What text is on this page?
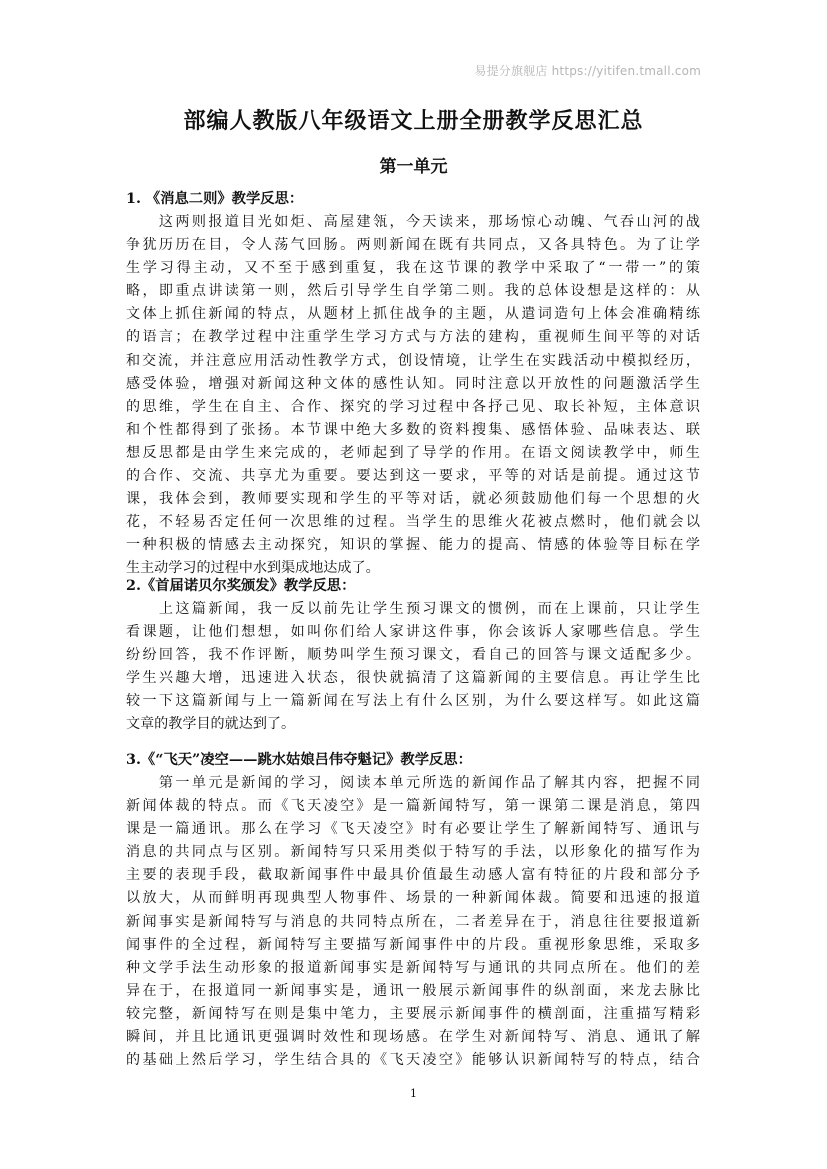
易提分旗舰店 https://yitifen.tmall.com
部编人教版八年级语文上册全册教学反思汇总
第一单元
1. 《消息二则》教学反思：
　　这两则报道目光如炬、高屋建瓴，今天读来，那场惊心动魄、气吞山河的战
争犹历历在目，令人荡气回肠。两则新闻在既有共同点，又各具特色。为了让学
生学习得主动，又不至于感到重复，我在这节课的教学中采取了“一带一”的策
略，即重点讲读第一则，然后引导学生自学第二则。我的总体设想是这样的：从
文体上抓住新闻的特点，从题材上抓住战争的主题，从遣词造句上体会准确精练
的语言；在教学过程中注重学生学习方式与方法的建构，重视师生间平等的对话
和交流，并注意应用活动性教学方式，创设情境，让学生在实践活动中模拟经历，
感受体验，增强对新闻这种文体的感性认知。同时注意以开放性的问题激活学生
的思维，学生在自主、合作、探究的学习过程中各抒己见、取长补短，主体意识
和个性都得到了张扬。本节课中绝大多数的资料搜集、感悟体验、品味表达、联
想反思都是由学生来完成的，老师起到了导学的作用。在语文阅读教学中，师生
的合作、交流、共享尤为重要。要达到这一要求，平等的对话是前提。通过这节
课，我体会到，教师要实现和学生的平等对话，就必须鼓励他们每一个思想的火
花，不轻易否定任何一次思维的过程。当学生的思维火花被点燃时，他们就会以
一种积极的情感去主动探究，知识的掌握、能力的提高、情感的体验等目标在学
生主动学习的过程中水到渠成地达成了。
2.《首届诺贝尔奖颁发》教学反思：
　　上这篇新闻，我一反以前先让学生预习课文的惯例，而在上课前，只让学生
看课题，让他们想想，如叫你们给人家讲这件事，你会该诉人家哪些信息。学生
纷纷回答，我不作评断，顺势叫学生预习课文，看自己的回答与课文适配多少。
学生兴趣大增，迅速进入状态，很快就搞清了这篇新闻的主要信息。再让学生比
较一下这篇新闻与上一篇新闻在写法上有什么区别，为什么要这样写。如此这篇
文章的教学目的就达到了。
3.《“飞天”凌空——跳水姑娘吕伟夺魁记》教学反思：
　　第一单元是新闻的学习，阅读本单元所选的新闻作品了解其内容，把握不同
新闻体裁的特点。而《飞天凌空》是一篇新闻特写，第一课第二课是消息，第四
课是一篇通讯。那么在学习《飞天凌空》时有必要让学生了解新闻特写、通讯与
消息的共同点与区别。新闻特写只采用类似于特写的手法，以形象化的描写作为
主要的表现手段，截取新闻事件中最具价值最生动感人富有特征的片段和部分予
以放大，从而鲜明再现典型人物事件、场景的一种新闻体裁。简要和迅速的报道
新闻事实是新闻特写与消息的共同特点所在，二者差异在于，消息往往要报道新
闻事件的全过程，新闻特写主要描写新闻事件中的片段。重视形象思维，采取多
种文学手法生动形象的报道新闻事实是新闻特写与通讯的共同点所在。他们的差
异在于，在报道同一新闻事实是，通讯一般展示新闻事件的纵剖面，来龙去脉比
较完整，新闻特写在则是集中笔力，主要展示新闻事件的横剖面，注重描写精彩
瞬间，并且比通讯更强调时效性和现场感。在学生对新闻特写、消息、通讯了解
的基础上然后学习，学生结合具的《飞天凌空》能够认识新闻特写的特点，结合
1
